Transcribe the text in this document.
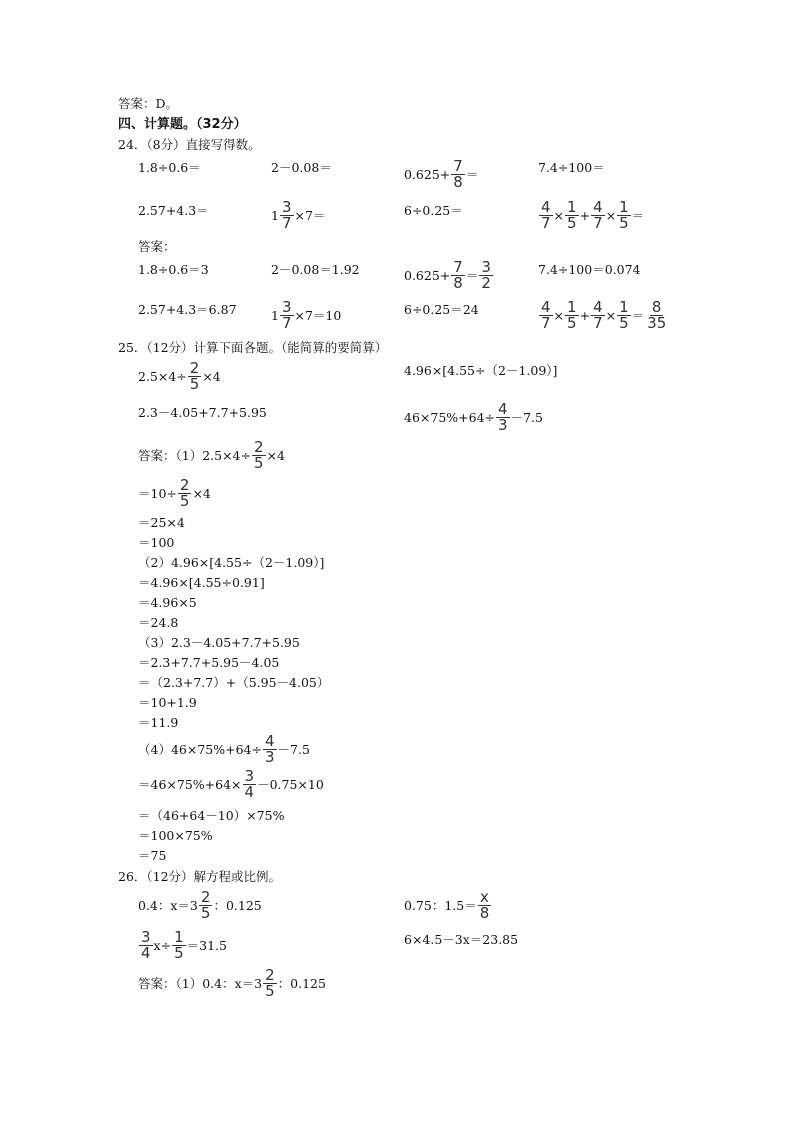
答案：D。
四、计算题。（32分）
24．（8分）直接写得数。
1.8÷0.6＝	2－0.08＝	$0.625+ \frac{7}{8}$ ＝	7.4÷100＝
2.57+4.3＝	$1 \frac{3}{7} \times 7=$	6÷0.25＝	$\frac{4}{7} \times \frac{1}{5} + \frac{4}{7} \times \frac{1}{5}$ ＝
答案：
1.8÷0.6＝3	2－0.08＝1.92	$0.625+ \frac{7}{8} = \frac{3}{2}$	7.4÷100＝0.074
2.57+4.3＝6.87	$1 \frac{3}{7} \times 7=10$	6÷0.25＝24	$\frac{4}{7} \times \frac{1}{5} + \frac{4}{7} \times \frac{1}{5} = \frac{8}{35}$
25．（12分）计算下面各题。（能简算的要简算）
$2.5\times 4\div \frac{2}{5} \times 4$	4.96×[4.55÷（2－1.09）]
2.3－4.05+7.7+5.95	$46\times 75\%+64\div \frac{4}{3} -7.5$
答案：$(1)2.5\times 4\div \frac{2}{5} \times 4$
$=10\div \frac{2}{5} \times 4$
＝25×4
＝100
（2）4.96×[4.55÷（2－1.09）]
＝4.96×[4.55÷0.91]
＝4.96×5
＝24.8
（3）2.3－4.05+7.7+5.95
＝2.3+7.7+5.95－4.05
＝（2.3+7.7）+（5.95－4.05）
＝10+1.9
＝11.9
$(4)46\times 75\%+64\div \frac{4}{3} -7.5$
$=46\times 75\%+64\times \frac{3}{4} -0.75\times 10$
＝（46+64－10）×75%
＝100×75%
＝75
26．（12分）解方程或比例。
0.4：$x=3 \frac{2}{5}$ ：0.125	0.75：$1.5= \frac{x}{8}$
$\frac{3}{4} x\div \frac{1}{5} =31.5$	6×4.5－3x＝23.85
答案：（1）0.4：$x=3 \frac{2}{5}$ ：0.125
